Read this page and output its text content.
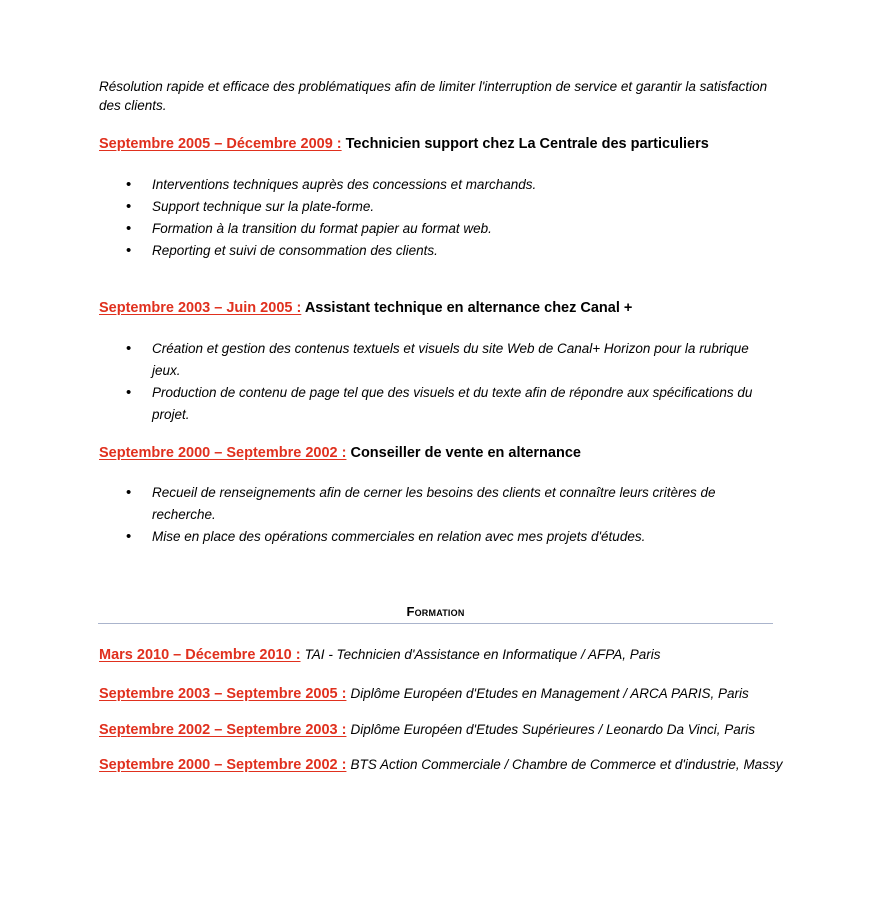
Résolution rapide et efficace des problématiques afin de limiter l'interruption de service et garantir la satisfaction des clients.
Septembre 2005 – Décembre 2009 : Technicien support chez La Centrale des particuliers
• Interventions techniques auprès des concessions et marchands.
• Support technique sur la plate-forme.
• Formation à la transition du format papier au format web.
• Reporting et suivi de consommation des clients.
Septembre 2003 – Juin 2005 : Assistant technique en alternance chez Canal +
• Création et gestion des contenus textuels et visuels du site Web de Canal+ Horizon pour la rubrique jeux.
• Production de contenu de page tel que des visuels et du texte afin de répondre aux spécifications du projet.
Septembre 2000 – Septembre 2002 : Conseiller de vente en alternance
• Recueil de renseignements afin de cerner les besoins des clients et connaître leurs critères de recherche.
• Mise en place des opérations commerciales en relation avec mes projets d'études.
Formation
Mars 2010 – Décembre 2010 : TAI - Technicien d'Assistance en Informatique / AFPA, Paris
Septembre 2003 – Septembre 2005 : Diplôme Européen d'Etudes en Management / ARCA PARIS, Paris
Septembre 2002 – Septembre 2003 : Diplôme Européen d'Etudes Supérieures / Leonardo Da Vinci, Paris
Septembre 2000 – Septembre 2002 : BTS Action Commerciale / Chambre de Commerce et d'industrie, Massy
